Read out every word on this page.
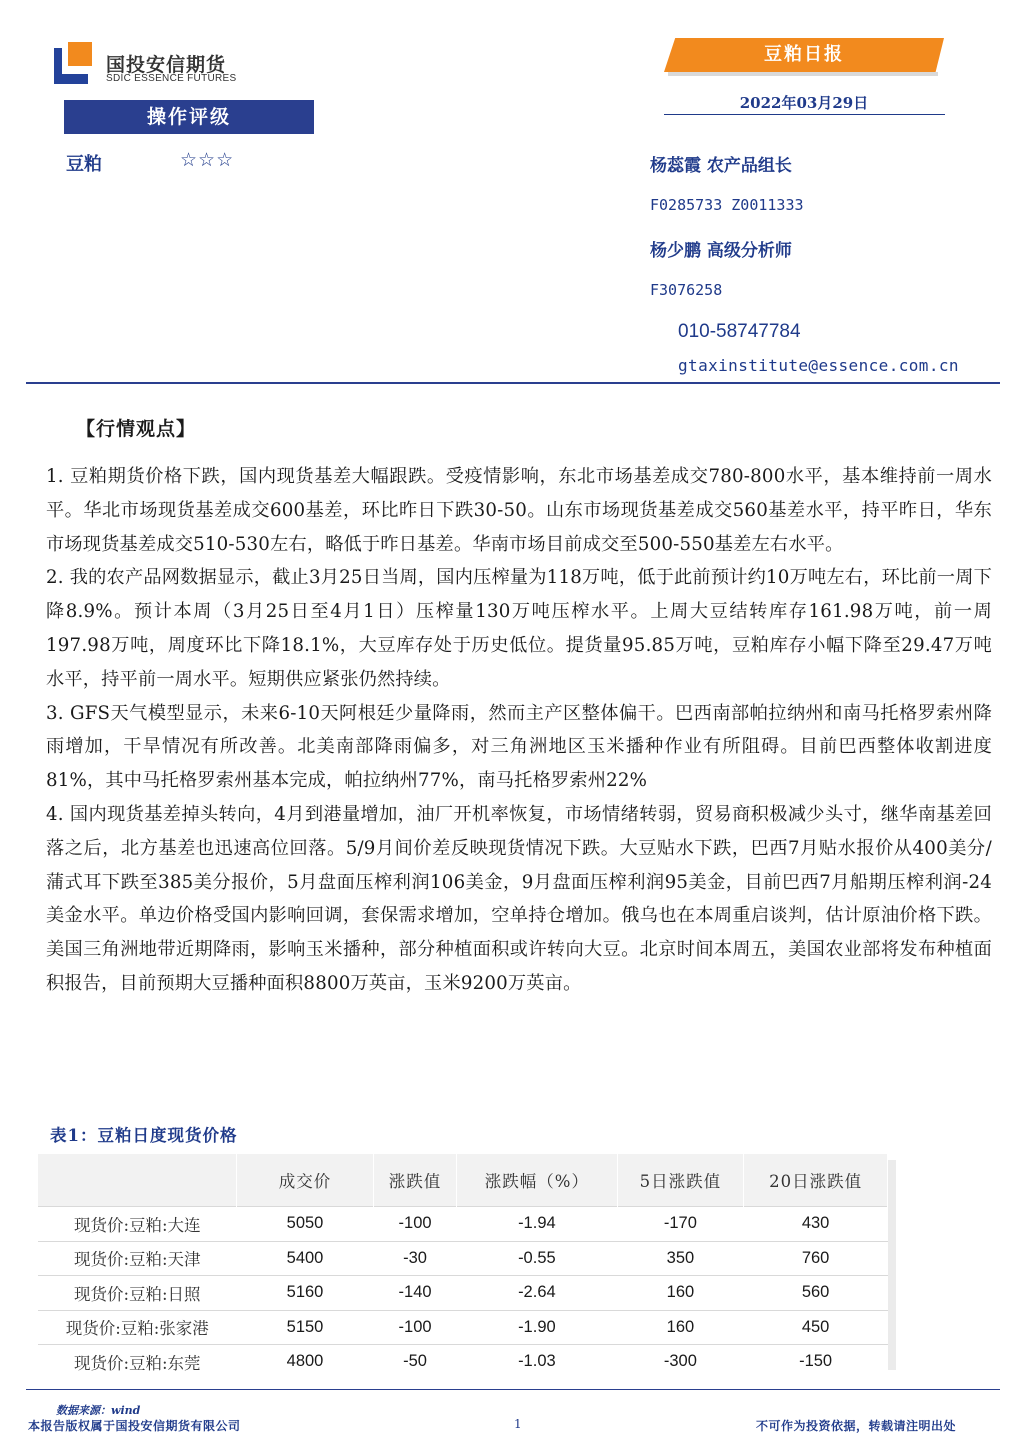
国投安信期货
SDIC ESSENCE FUTURES
操作评级
豆粕	☆☆☆
豆粕日报
2022年03月29日
杨蕊霞 农产品组长
F0285733 Z0011333
杨少鹏 高级分析师
F3076258
010-58747784
gtaxinstitute@essence.com.cn
【行情观点】

1. 豆粕期货价格下跌，国内现货基差大幅跟跌。受疫情影响，东北市场基差成交780-800水平，基本维持前一周水平。华北市场现货基差成交600基差，环比昨日下跌30-50。山东市场现货基差成交560基差水平，持平昨日，华东市场现货基差成交510-530左右，略低于昨日基差。华南市场目前成交至500-550基差左右水平。

2. 我的农产品网数据显示，截止3月25日当周，国内压榨量为118万吨，低于此前预计约10万吨左右，环比前一周下降8.9%。预计本周（3月25日至4月1日）压榨量130万吨压榨水平。上周大豆结转库存161.98万吨，前一周197.98万吨，周度环比下降18.1%，大豆库存处于历史低位。提货量95.85万吨，豆粕库存小幅下降至29.47万吨水平，持平前一周水平。短期供应紧张仍然持续。

3. GFS天气模型显示，未来6-10天阿根廷少量降雨，然而主产区整体偏干。巴西南部帕拉纳州和南马托格罗索州降雨增加，干旱情况有所改善。北美南部降雨偏多，对三角洲地区玉米播种作业有所阻碍。目前巴西整体收割进度81%，其中马托格罗索州基本完成，帕拉纳州77%，南马托格罗索州22%

4. 国内现货基差掉头转向，4月到港量增加，油厂开机率恢复，市场情绪转弱，贸易商积极减少头寸，继华南基差回落之后，北方基差也迅速高位回落。5/9月间价差反映现货情况下跌。大豆贴水下跌，巴西7月贴水报价从400美分/蒲式耳下跌至385美分报价，5月盘面压榨利润106美金，9月盘面压榨利润95美金，目前巴西7月船期压榨利润-24美金水平。单边价格受国内影响回调，套保需求增加，空单持仓增加。俄乌也在本周重启谈判，估计原油价格下跌。美国三角洲地带近期降雨，影响玉米播种，部分种植面积或许转向大豆。北京时间本周五，美国农业部将发布种植面积报告，目前预期大豆播种面积8800万英亩，玉米9200万英亩。

表1：豆粕日度现货价格
	成交价	涨跌值	涨跌幅（%）	5日涨跌值	20日涨跌值
现货价:豆粕:大连	5050	-100	-1.94	-170	430
现货价:豆粕:天津	5400	-30	-0.55	350	760
现货价:豆粕:日照	5160	-140	-2.64	160	560
现货价:豆粕:张家港	5150	-100	-1.90	160	450
现货价:豆粕:东莞	4800	-50	-1.03	-300	-150
数据来源：wind
本报告版权属于国投安信期货有限公司	1	不可作为投资依据，转载请注明出处
